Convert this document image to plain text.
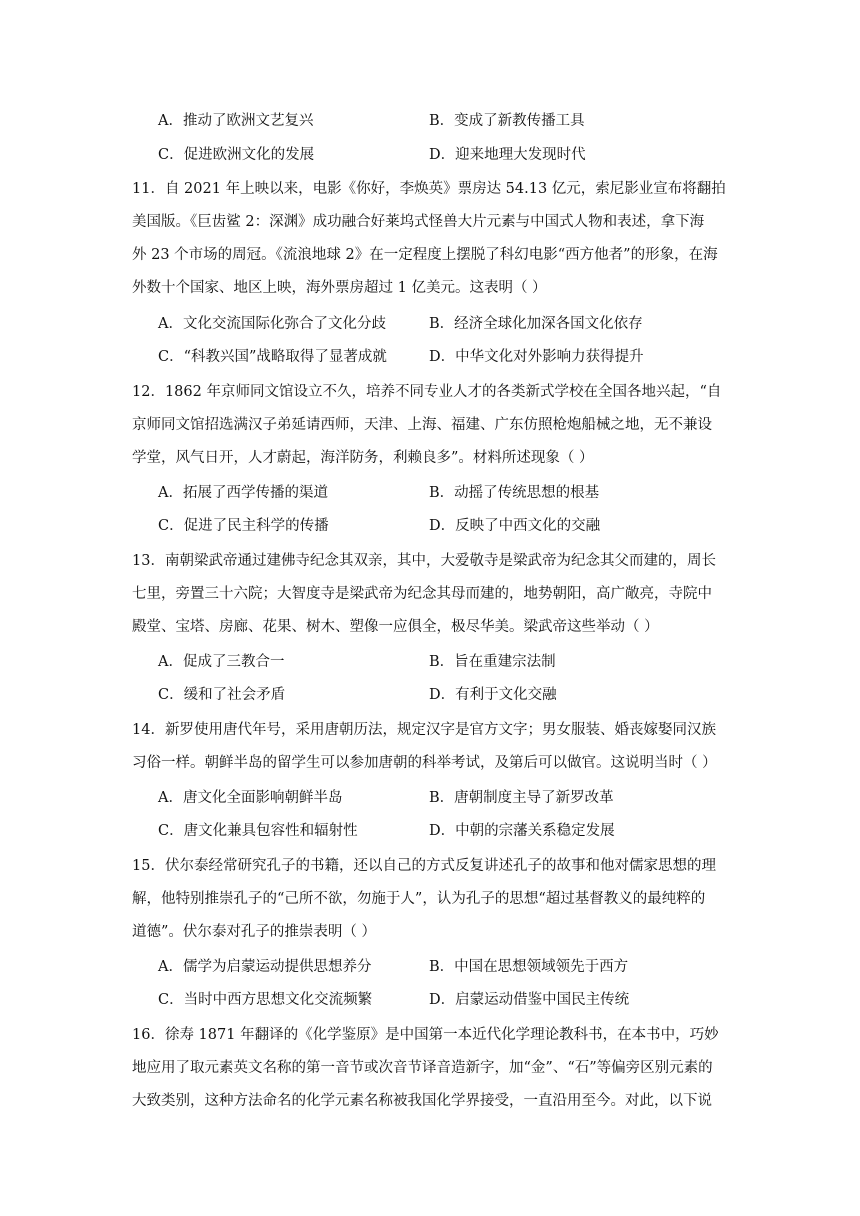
A．推动了欧洲文艺复兴	B．变成了新教传播工具
C．促进欧洲文化的发展	D．迎来地理大发现时代
11．自 2021 年上映以来，电影《你好，李焕英》票房达 54.13 亿元，索尼影业宣布将翻拍
美国版。《巨齿鲨 2：深渊》成功融合好莱坞式怪兽大片元素与中国式人物和表述，拿下海
外 23 个市场的周冠。《流浪地球 2》在一定程度上摆脱了科幻电影“西方他者”的形象，在海
外数十个国家、地区上映，海外票房超过 1 亿美元。这表明（ ）
A．文化交流国际化弥合了文化分歧	B．经济全球化加深各国文化依存
C．“科教兴国”战略取得了显著成就	D．中华文化对外影响力获得提升
12．1862 年京师同文馆设立不久，培养不同专业人才的各类新式学校在全国各地兴起，“自
京师同文馆招选满汉子弟延请西师，天津、上海、福建、广东仿照枪炮船械之地，无不兼设
学堂，风气日开，人才蔚起，海洋防务，利赖良多”。材料所述现象（ ）
A．拓展了西学传播的渠道	B．动摇了传统思想的根基
C．促进了民主科学的传播	D．反映了中西文化的交融
13．南朝梁武帝通过建佛寺纪念其双亲，其中，大爱敬寺是梁武帝为纪念其父而建的，周长
七里，旁置三十六院；大智度寺是梁武帝为纪念其母而建的，地势朝阳，高广敞亮，寺院中
殿堂、宝塔、房廊、花果、树木、塑像一应俱全，极尽华美。梁武帝这些举动（ ）
A．促成了三教合一	B．旨在重建宗法制
C．缓和了社会矛盾	D．有利于文化交融
14．新罗使用唐代年号，采用唐朝历法，规定汉字是官方文字；男女服装、婚丧嫁娶同汉族
习俗一样。朝鲜半岛的留学生可以参加唐朝的科举考试，及第后可以做官。这说明当时（ ）
A．唐文化全面影响朝鲜半岛	B．唐朝制度主导了新罗改革
C．唐文化兼具包容性和辐射性	D．中朝的宗藩关系稳定发展
15．伏尔泰经常研究孔子的书籍，还以自己的方式反复讲述孔子的故事和他对儒家思想的理
解，他特别推崇孔子的“己所不欲，勿施于人”，认为孔子的思想“超过基督教义的最纯粹的
道德”。伏尔泰对孔子的推崇表明（ ）
A．儒学为启蒙运动提供思想养分	B．中国在思想领域领先于西方
C．当时中西方思想文化交流频繁	D．启蒙运动借鉴中国民主传统
16．徐寿 1871 年翻译的《化学鉴原》是中国第一本近代化学理论教科书，在本书中，巧妙
地应用了取元素英文名称的第一音节或次音节译音造新字，加“金”、“石”等偏旁区别元素的
大致类别，这种方法命名的化学元素名称被我国化学界接受，一直沿用至今。对此，以下说
